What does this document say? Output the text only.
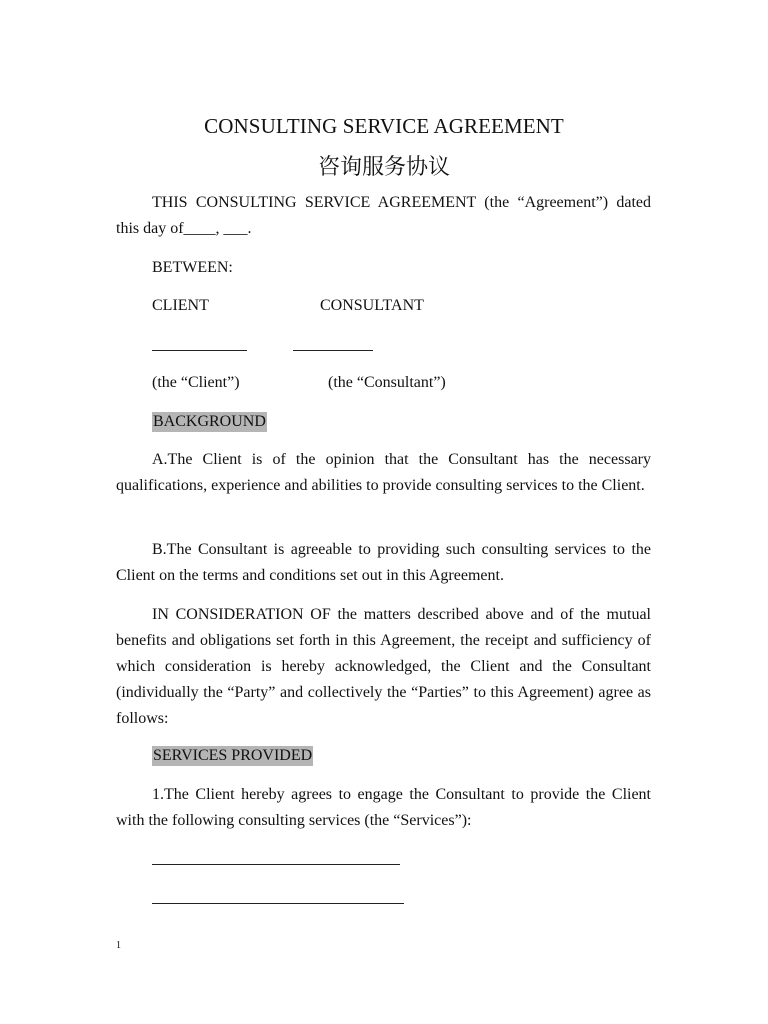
CONSULTING SERVICE AGREEMENT
咨询服务协议
THIS CONSULTING SERVICE AGREEMENT (the “Agreement”) dated this day of____, ___.
BETWEEN:
CLIENT	CONSULTANT
(the “Client”)	(the “Consultant”)
BACKGROUND
A.The Client is of the opinion that the Consultant has the necessary qualifications, experience and abilities to provide consulting services to the Client.
B.The Consultant is agreeable to providing such consulting services to the Client on the terms and conditions set out in this Agreement.
IN CONSIDERATION OF the matters described above and of the mutual benefits and obligations set forth in this Agreement, the receipt and sufficiency of which consideration is hereby acknowledged, the Client and the Consultant (individually the “Party” and collectively the “Parties” to this Agreement) agree as follows:
SERVICES PROVIDED
1.The Client hereby agrees to engage the Consultant to provide the Client with the following consulting services (the “Services”):
1
